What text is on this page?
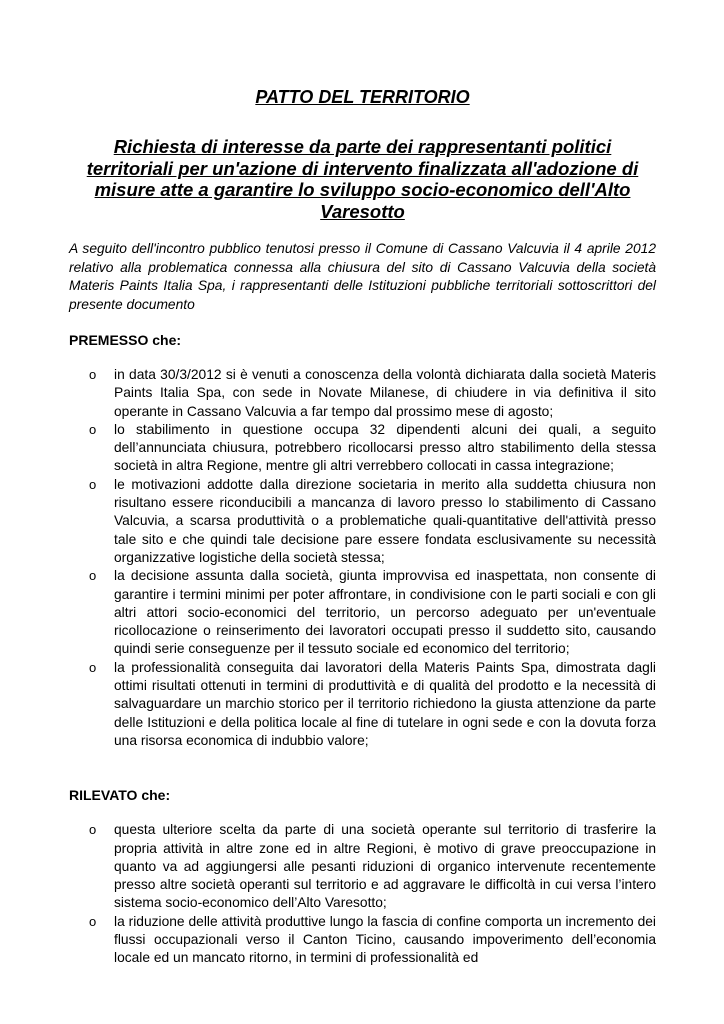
PATTO DEL TERRITORIO
Richiesta di interesse da parte dei rappresentanti politici territoriali per un'azione di intervento finalizzata all'adozione di misure atte a garantire lo sviluppo socio-economico dell'Alto Varesotto

A seguito dell'incontro pubblico tenutosi presso il Comune di Cassano Valcuvia il 4 aprile 2012 relativo alla problematica connessa alla chiusura del sito di Cassano Valcuvia della società Materis Paints Italia Spa, i rappresentanti delle Istituzioni pubbliche territoriali sottoscrittori del presente documento

PREMESSO che:
o in data 30/3/2012 si è venuti a conoscenza della volontà dichiarata dalla società Materis Paints Italia Spa, con sede in Novate Milanese, di chiudere in via definitiva il sito operante in Cassano Valcuvia a far tempo dal prossimo mese di agosto;
o lo stabilimento in questione occupa 32 dipendenti alcuni dei quali, a seguito dell’annunciata chiusura, potrebbero ricollocarsi presso altro stabilimento della stessa società in altra Regione, mentre gli altri verrebbero collocati in cassa integrazione;
o le motivazioni addotte dalla direzione societaria in merito alla suddetta chiusura non risultano essere riconducibili a mancanza di lavoro presso lo stabilimento di Cassano Valcuvia, a scarsa produttività o a problematiche quali-quantitative dell'attività presso tale sito e che quindi tale decisione pare essere fondata esclusivamente su necessità organizzative logistiche della società stessa;
o la decisione assunta dalla società, giunta improvvisa ed inaspettata, non consente di garantire i termini minimi per poter affrontare, in condivisione con le parti sociali e con gli altri attori socio-economici del territorio, un percorso adeguato per un'eventuale ricollocazione o reinserimento dei lavoratori occupati presso il suddetto sito, causando quindi serie conseguenze per il tessuto sociale ed economico del territorio;
o la professionalità conseguita dai lavoratori della Materis Paints Spa, dimostrata dagli ottimi risultati ottenuti in termini di produttività e di qualità del prodotto e la necessità di salvaguardare un marchio storico per il territorio richiedono la giusta attenzione da parte delle Istituzioni e della politica locale al fine di tutelare in ogni sede e con la dovuta forza una risorsa economica di indubbio valore;
RILEVATO che:
o questa ulteriore scelta da parte di una società operante sul territorio di trasferire la propria attività in altre zone ed in altre Regioni, è motivo di grave preoccupazione in quanto va ad aggiungersi alle pesanti riduzioni di organico intervenute recentemente presso altre società operanti sul territorio e ad aggravare le difficoltà in cui versa l’intero sistema socio-economico dell’Alto Varesotto;
o la riduzione delle attività produttive lungo la fascia di confine comporta un incremento dei flussi occupazionali verso il Canton Ticino, causando impoverimento dell’economia locale ed un mancato ritorno, in termini di professionalità ed
